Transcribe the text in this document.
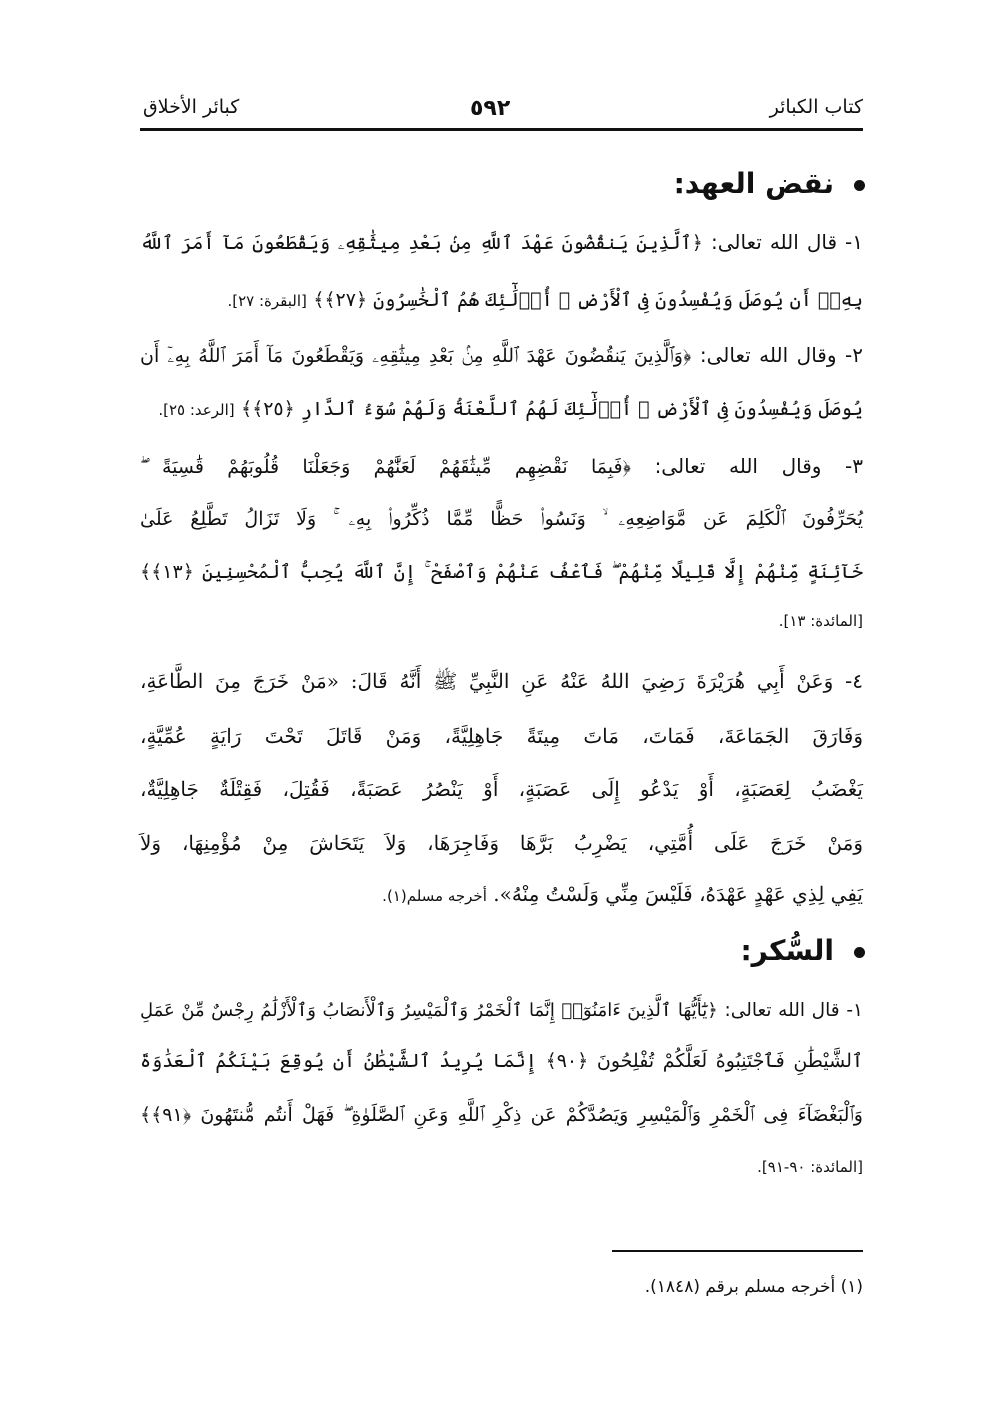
كتاب الكبائر
٥٩٢
كبائر الأخلاق
نقض العهد:
١- قال الله تعالى: ﴿ٱلَّذِينَ يَنقُضُونَ عَهْدَ ٱللَّهِ مِنۢ بَعْدِ مِيثَٰقِهِۦ وَيَقْطَعُونَ مَآ أَمَرَ ٱللَّهُ
بِهِۦٓ أَن يُوصَلَ وَيُفْسِدُونَ فِى ٱلْأَرْضِ ۚ أُو۟لَٰٓئِكَ هُمُ ٱلْخَٰسِرُونَ ﴿٢٧﴾﴾ [البقرة: ٢٧].
٢- وقال الله تعالى: ﴿وَٱلَّذِينَ يَنقُضُونَ عَهْدَ ٱللَّهِ مِنۢ بَعْدِ مِيثَٰقِهِۦ وَيَقْطَعُونَ مَآ أَمَرَ ٱللَّهُ بِهِۦٓ أَن
يُوصَلَ وَيُفْسِدُونَ فِى ٱلْأَرْضِ ۙ أُو۟لَٰٓئِكَ لَهُمُ ٱللَّعْنَةُ وَلَهُمْ سُوٓءُ ٱلدَّارِ ﴿٢٥﴾﴾ [الرعد: ٢٥].
٣- وقال الله تعالى: ﴿فَبِمَا نَقْضِهِم مِّيثَٰقَهُمْ لَعَنَّٰهُمْ وَجَعَلْنَا قُلُوبَهُمْ قَٰسِيَةً ۖ
يُحَرِّفُونَ ٱلْكَلِمَ عَن مَّوَاضِعِهِۦ ۙ وَنَسُوا۟ حَظًّا مِّمَّا ذُكِّرُوا۟ بِهِۦ ۚ وَلَا تَزَالُ تَطَّلِعُ عَلَىٰ
خَآئِنَةٍ مِّنْهُمْ إِلَّا قَلِيلًا مِّنْهُمْ ۖ فَٱعْفُ عَنْهُمْ وَٱصْفَحْ ۚ إِنَّ ٱللَّهَ يُحِبُّ ٱلْمُحْسِنِينَ ﴿١٣﴾﴾
[المائدة: ١٣].
٤- وَعَنْ أَبِي هُرَيْرَةَ رَضِيَ اللهُ عَنْهُ عَنِ النَّبِيِّ ﷺ أَنَّهُ قَالَ: «مَنْ خَرَجَ مِنَ الطَّاعَةِ،
وَفَارَقَ الجَمَاعَةَ، فَمَاتَ، مَاتَ مِيتَةً جَاهِلِيَّةً، وَمَنْ قَاتَلَ تَحْتَ رَايَةٍ عُمِّيَّةٍ،
يَغْضَبُ لِعَصَبَةٍ، أَوْ يَدْعُو إِلَى عَصَبَةٍ، أَوْ يَنْصُرُ عَصَبَةً، فَقُتِلَ، فَقِتْلَةٌ جَاهِلِيَّةٌ،
وَمَنْ خَرَجَ عَلَى أُمَّتِي، يَضْرِبُ بَرَّهَا وَفَاجِرَهَا، وَلاَ يَتَحَاشَ مِنْ مُؤْمِنِهَا، وَلاَ
يَفِي لِذِي عَهْدٍ عَهْدَهُ، فَلَيْسَ مِنِّي وَلَسْتُ مِنْهُ». أخرجه مسلم(١).
السُّكر:
١- قال الله تعالى: ﴿يَٰٓأَيُّهَا ٱلَّذِينَ ءَامَنُوٓا۟ إِنَّمَا ٱلْخَمْرُ وَٱلْمَيْسِرُ وَٱلْأَنصَابُ وَٱلْأَزْلَٰمُ رِجْسٌ مِّنْ عَمَلِ
ٱلشَّيْطَٰنِ فَٱجْتَنِبُوهُ لَعَلَّكُمْ تُفْلِحُونَ ﴿٩٠﴾ إِنَّمَا يُرِيدُ ٱلشَّيْطَٰنُ أَن يُوقِعَ بَيْنَكُمُ ٱلْعَدَٰوَةَ
وَٱلْبَغْضَآءَ فِى ٱلْخَمْرِ وَٱلْمَيْسِرِ وَيَصُدَّكُمْ عَن ذِكْرِ ٱللَّهِ وَعَنِ ٱلصَّلَوٰةِ ۖ فَهَلْ أَنتُم مُّنتَهُونَ ﴿٩١﴾﴾
[المائدة: ٩٠-٩١].
(١) أخرجه مسلم برقم (١٨٤٨).
